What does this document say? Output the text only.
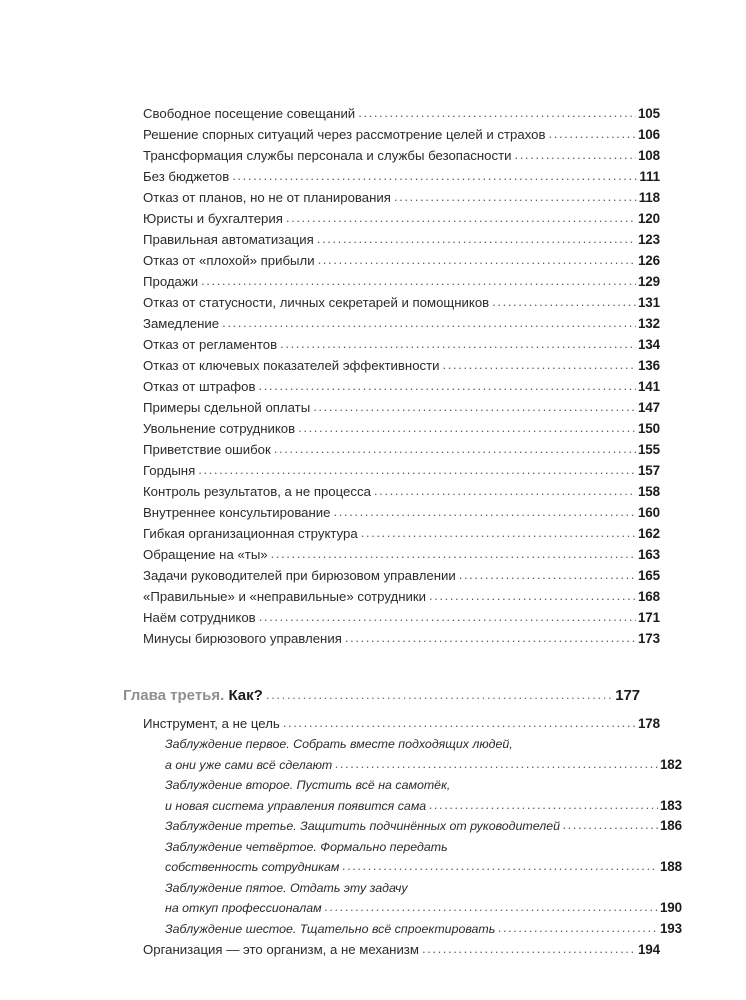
Свободное посещение совещаний .....	105
Решение спорных ситуаций через рассмотрение целей и страхов .....	106
Трансформация службы персонала и службы безопасности .....	108
Без бюджетов .....	111
Отказ от планов, но не от планирования .....	118
Юристы и бухгалтерия .....	120
Правильная автоматизация .....	123
Отказ от «плохой» прибыли .....	126
Продажи .....	129
Отказ от статусности, личных секретарей и помощников .....	131
Замедление .....	132
Отказ от регламентов .....	134
Отказ от ключевых показателей эффективности .....	136
Отказ от штрафов .....	141
Примеры сдельной оплаты .....	147
Увольнение сотрудников .....	150
Приветствие ошибок .....	155
Гордыня .....	157
Контроль результатов, а не процесса .....	158
Внутреннее консультирование .....	160
Гибкая организационная структура .....	162
Обращение на «ты» .....	163
Задачи руководителей при бирюзовом управлении .....	165
«Правильные» и «неправильные» сотрудники .....	168
Наём сотрудников .....	171
Минусы бирюзового управления .....	173
Глава третья. Как? .....	177
Инструмент, а не цель .....	178
Заблуждение первое. Собрать вместе подходящих людей,
а они уже сами всё сделают .....	182
Заблуждение второе. Пустить всё на самотёк,
и новая система управления появится сама .....	183
Заблуждение третье. Защитить подчинённых от руководителей .....	186
Заблуждение четвёртое. Формально передать
собственность сотрудникам .....	188
Заблуждение пятое. Отдать эту задачу
на откуп профессионалам .....	190
Заблуждение шестое. Тщательно всё спроектировать .....	193
Организация — это организм, а не механизм .....	194
